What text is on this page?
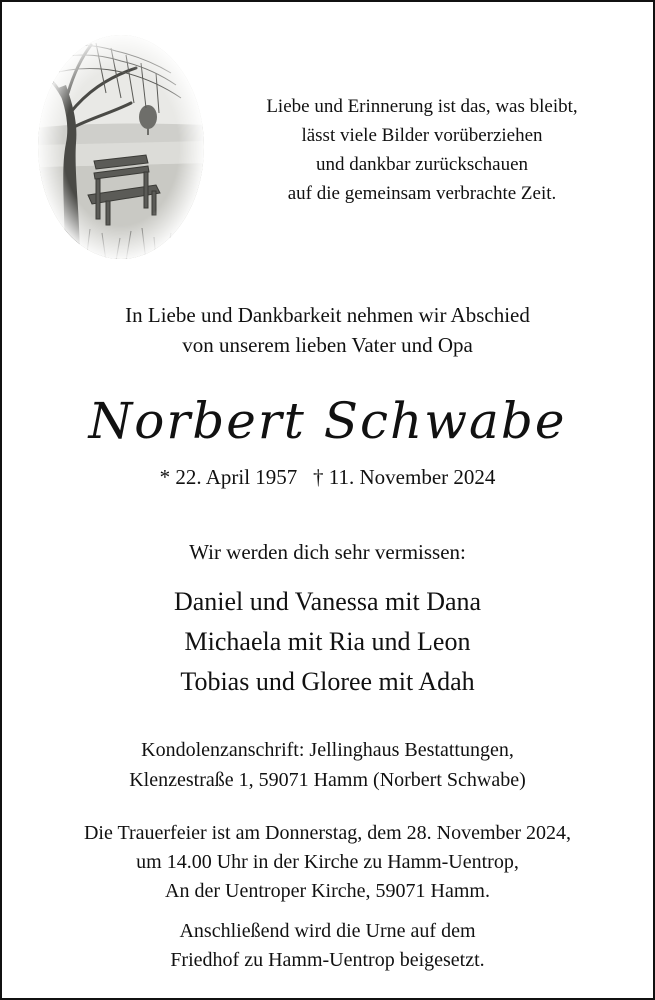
Liebe und Erinnerung ist das, was bleibt,
lässt viele Bilder vorüberziehen
und dankbar zurückschauen
auf die gemeinsam verbrachte Zeit.
In Liebe und Dankbarkeit nehmen wir Abschied
von unserem lieben Vater und Opa
Norbert Schwabe
* 22. April 1957   † 11. November 2024
Wir werden dich sehr vermissen:
Daniel und Vanessa mit Dana
Michaela mit Ria und Leon
Tobias und Gloree mit Adah
Kondolenzanschrift: Jellinghaus Bestattungen,
Klenzestraße 1, 59071 Hamm (Norbert Schwabe)
Die Trauerfeier ist am Donnerstag, dem 28. November 2024,
um 14.00 Uhr in der Kirche zu Hamm-Uentrop,
An der Uentroper Kirche, 59071 Hamm.
Anschließend wird die Urne auf dem
Friedhof zu Hamm-Uentrop beigesetzt.
